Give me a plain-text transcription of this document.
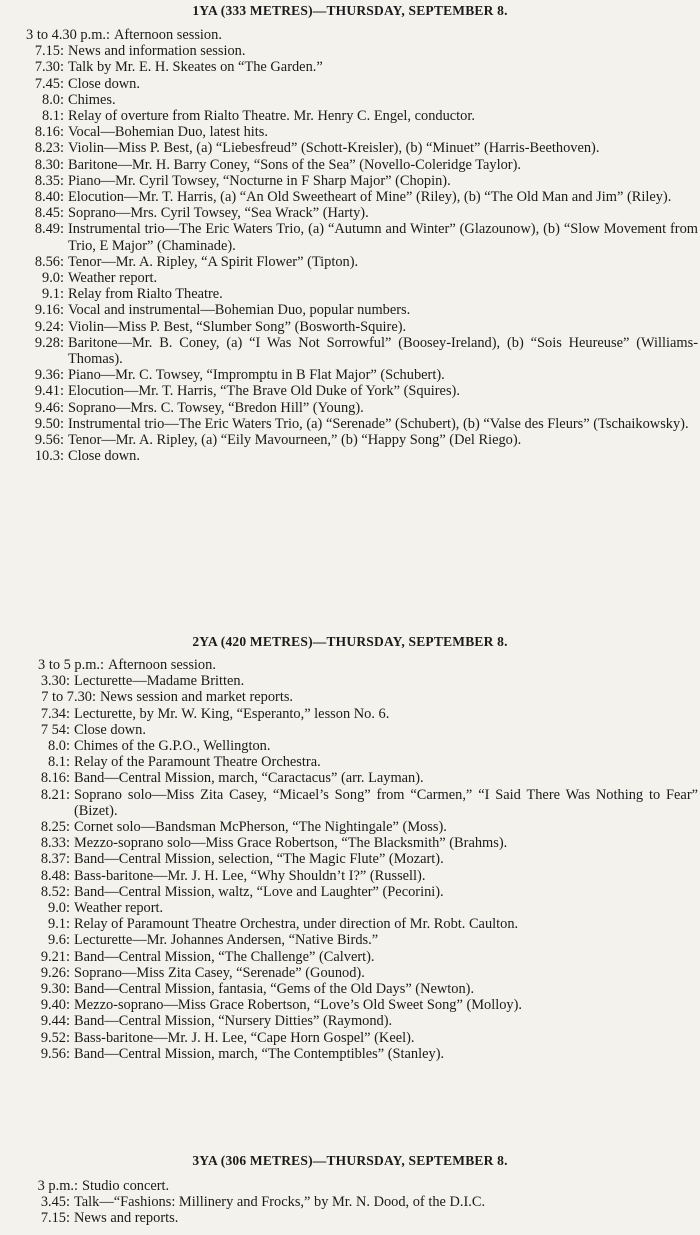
1YA (333 METRES)—THURSDAY, SEPTEMBER 8.
3 to 4.30 p.m.: Afternoon session.
7.15: News and information session.
7.30: Talk by Mr. E. H. Skeates on “The Garden.”
7.45: Close down.
8.0: Chimes.
8.1: Relay of overture from Rialto Theatre. Mr. Henry C. Engel, conductor.
8.16: Vocal—Bohemian Duo, latest hits.
8.23: Violin—Miss P. Best, (a) “Liebesfreud” (Schott-Kreisler), (b) “Minuet” (Harris-Beethoven).
8.30: Baritone—Mr. H. Barry Coney, “Sons of the Sea” (Novello-Coleridge Taylor).
8.35: Piano—Mr. Cyril Towsey, “Nocturne in F Sharp Major” (Chopin).
8.40: Elocution—Mr. T. Harris, (a) “An Old Sweetheart of Mine” (Riley), (b) “The Old Man and Jim” (Riley).
8.45: Soprano—Mrs. Cyril Towsey, “Sea Wrack” (Harty).
8.49: Instrumental trio—The Eric Waters Trio, (a) “Autumn and Winter” (Glazounow), (b) “Slow Movement from Trio, E Major” (Chaminade).
8.56: Tenor—Mr. A. Ripley, “A Spirit Flower” (Tipton).
9.0: Weather report.
9.1: Relay from Rialto Theatre.
9.16: Vocal and instrumental—Bohemian Duo, popular numbers.
9.24: Violin—Miss P. Best, “Slumber Song” (Bosworth-Squire).
9.28: Baritone—Mr. B. Coney, (a) “I Was Not Sorrowful” (Boosey-Ireland), (b) “Sois Heureuse” (Williams-Thomas).
9.36: Piano—Mr. C. Towsey, “Impromptu in B Flat Major” (Schubert).
9.41: Elocution—Mr. T. Harris, “The Brave Old Duke of York” (Squires).
9.46: Soprano—Mrs. C. Towsey, “Bredon Hill” (Young).
9.50: Instrumental trio—The Eric Waters Trio, (a) “Serenade” (Schubert), (b) “Valse des Fleurs” (Tschaikowsky).
9.56: Tenor—Mr. A. Ripley, (a) “Eily Mavourneen,” (b) “Happy Song” (Del Riego).
10.3: Close down.
2YA (420 METRES)—THURSDAY, SEPTEMBER 8.
3 to 5 p.m.: Afternoon session.
3.30: Lecturette—Madame Britten.
7 to 7.30: News session and market reports.
7.34: Lecturette, by Mr. W. King, “Esperanto,” lesson No. 6.
7 54: Close down.
8.0: Chimes of the G.P.O., Wellington.
8.1: Relay of the Paramount Theatre Orchestra.
8.16: Band—Central Mission, march, “Caractacus” (arr. Layman).
8.21: Soprano solo—Miss Zita Casey, “Micael’s Song” from “Carmen,” “I Said There Was Nothing to Fear” (Bizet).
8.25: Cornet solo—Bandsman McPherson, “The Nightingale” (Moss).
8.33: Mezzo-soprano solo—Miss Grace Robertson, “The Blacksmith” (Brahms).
8.37: Band—Central Mission, selection, “The Magic Flute” (Mozart).
8.48: Bass-baritone—Mr. J. H. Lee, “Why Shouldn’t I?” (Russell).
8.52: Band—Central Mission, waltz, “Love and Laughter” (Pecorini).
9.0: Weather report.
9.1: Relay of Paramount Theatre Orchestra, under direction of Mr. Robt. Caulton.
9.6: Lecturette—Mr. Johannes Andersen, “Native Birds.”
9.21: Band—Central Mission, “The Challenge” (Calvert).
9.26: Soprano—Miss Zita Casey, “Serenade” (Gounod).
9.30: Band—Central Mission, fantasia, “Gems of the Old Days” (Newton).
9.40: Mezzo-soprano—Miss Grace Robertson, “Love’s Old Sweet Song” (Molloy).
9.44: Band—Central Mission, “Nursery Ditties” (Raymond).
9.52: Bass-baritone—Mr. J. H. Lee, “Cape Horn Gospel” (Keel).
9.56: Band—Central Mission, march, “The Contemptibles” (Stanley).
3YA (306 METRES)—THURSDAY, SEPTEMBER 8.
3 p.m.: Studio concert.
3.45: Talk—“Fashions: Millinery and Frocks,” by Mr. N. Dood, of the D.I.C.
7.15: News and reports.
